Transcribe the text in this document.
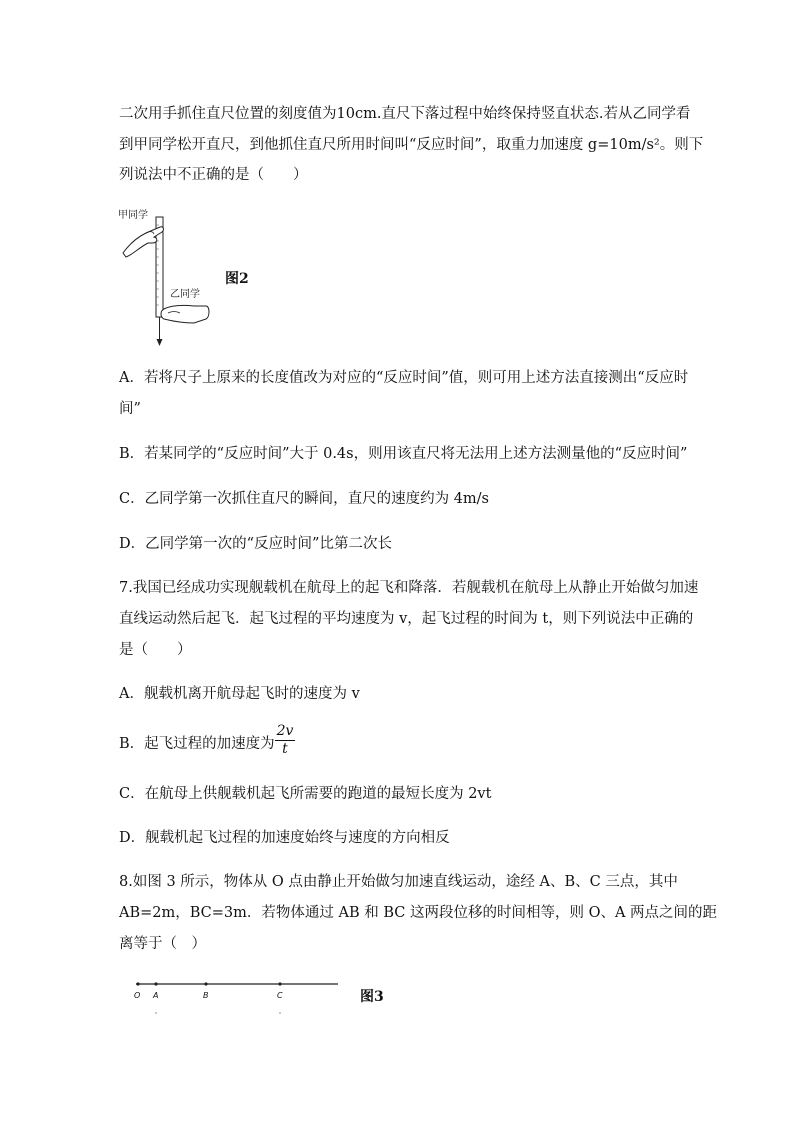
二次用手抓住直尺位置的刻度值为10cm.直尺下落过程中始终保持竖直状态.若从乙同学看
到甲同学松开直尺，到他抓住直尺所用时间叫“反应时间”，取重力加速度 g=10m/s²。则下
列说法中不正确的是（　　）
甲同学
乙同学
图2
A．若将尺子上原来的长度值改为对应的“反应时间”值，则可用上述方法直接测出“反应时
间”
B．若某同学的“反应时间”大于 0.4s，则用该直尺将无法用上述方法测量他的“反应时间”
C．乙同学第一次抓住直尺的瞬间，直尺的速度约为 4m/s
D．乙同学第一次的“反应时间”比第二次长
7.我国已经成功实现舰载机在航母上的起飞和降落．若舰载机在航母上从静止开始做匀加速
直线运动然后起飞．起飞过程的平均速度为 v，起飞过程的时间为 t，则下列说法中正确的
是（　　）
A．舰载机离开航母起飞时的速度为 v
B．起飞过程的加速度为
2v
t
C．在航母上供舰载机起飞所需要的跑道的最短长度为 2vt
D．舰载机起飞过程的加速度始终与速度的方向相反
8.如图 3 所示，物体从 O 点由静止开始做匀加速直线运动，途经 A、B、C 三点，其中
AB=2m，BC=3m．若物体通过 AB 和 BC 这两段位移的时间相等，则 O、A 两点之间的距
离等于（　）
O A	B	C	图3
